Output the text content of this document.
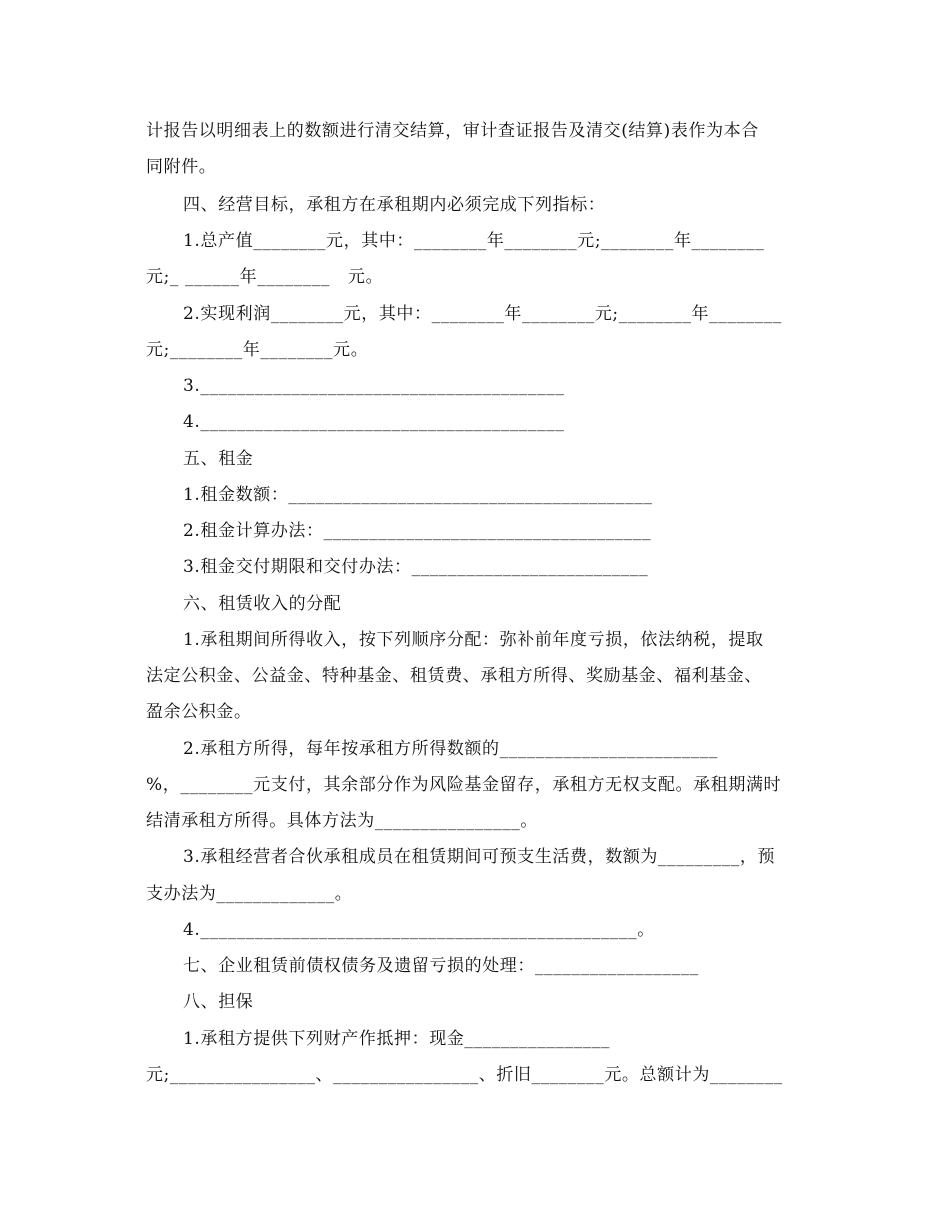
计报告以明细表上的数额进行清交结算，审计查证报告及清交(结算)表作为本合
同附件。
四、经营目标，承租方在承租期内必须完成下列指标：
1.总产值________元，其中：________年________元;________年________
元;_ ______年________   元。
2.实现利润________元，其中：________年________元;________年________
元;________年________元。
3.________________________________________
4.________________________________________
五、租金
1.租金数额：________________________________________
2.租金计算办法：____________________________________
3.租金交付期限和交付办法：__________________________
六、租赁收入的分配
1.承租期间所得收入，按下列顺序分配：弥补前年度亏损，依法纳税，提取
法定公积金、公益金、特种基金、租赁费、承租方所得、奖励基金、福利基金、
盈余公积金。
2.承租方所得，每年按承租方所得数额的________________________
%，________元支付，其余部分作为风险基金留存，承租方无权支配。承租期满时
结清承租方所得。具体方法为________________。
3.承租经营者合伙承租成员在租赁期间可预支生活费，数额为_________，预
支办法为_____________。
4.________________________________________________。
七、企业租赁前债权债务及遗留亏损的处理：__________________
八、担保
1.承租方提供下列财产作抵押：现金________________
元;________________、________________、折旧________元。总额计为________
